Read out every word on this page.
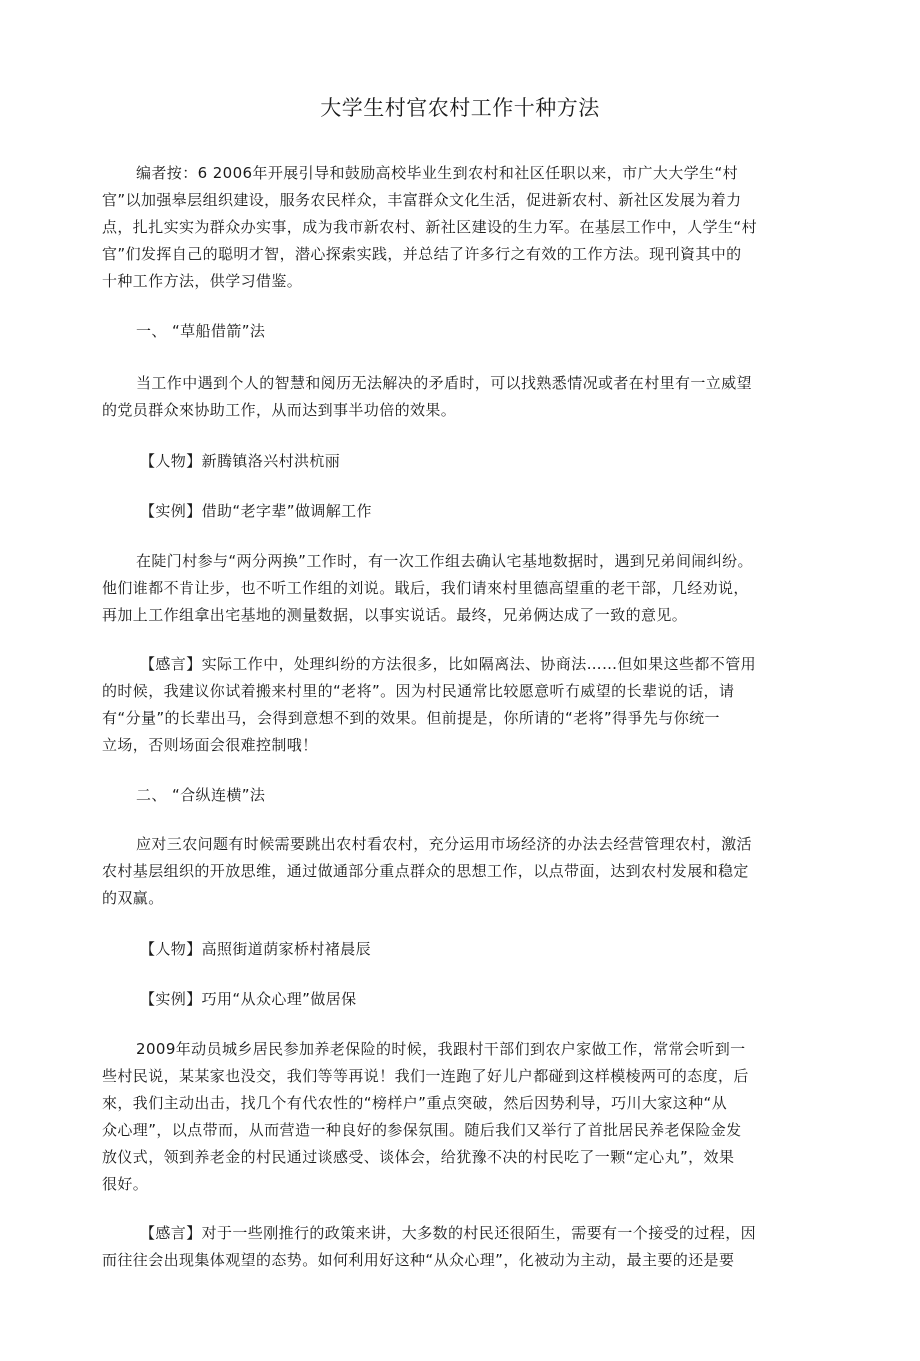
大学生村官农村工作十种方法
编者按：6 2006年开展引导和鼓励高校毕业生到农村和社区任职以来，市广大大学生“村
官”以加强皋层组织建设，服务农民样众，丰富群众文化生活，促进新农村、新社区发展为着力
点，扎扎实实为群众办实事，成为我市新农村、新社区建设的生力军。在基层工作中，人学生“村
官”们发挥自己的聪明才智，潜心探索实践，并总结了许多行之有效的工作方法。现刊資其中的
十种工作方法，供学习借鉴。
一、 “草船借箭”法
当工作中遇到个人的智慧和阅历无法解决的矛盾时，可以找熟悉情况或者在村里有一立威望
的党员群众來协助工作，从而达到事半功倍的效果。
【人物】新腾镇洛兴村洪杭丽
【实例】借助“老字辈”做调解工作
在陡门村参与“两分两换”工作时，有一次工作组去确认宅基地数据时，遇到兄弟间闹纠纷。
他们谁都不肯让步，也不听工作组的刘说。戢后，我们请來村里德高望重的老干部，几经劝说，
再加上工作组拿出宅基地的测量数据，以事实说话。最终，兄弟俩达成了一致的意见。
【感言】实际工作中，处理纠纷的方法很多，比如隔离法、协商法……但如果这些都不管用
的时候，我建议你试着搬来村里的“老将”。因为村民通常比较愿意听冇威望的长辈说的话，请
有“分量”的长辈出马，会得到意想不到的效果。但前提是，你所请的“老将”得爭先与你统一
立场，否则场面会很难控制哦！
二、 “合纵连横”法
应对三农问题有时候需要跳出农村看农村，充分运用市场经济的办法去经营管理农村，激活
农村基层组织的开放思维，通过做通部分重点群众的思想工作，以点带面，达到农村发展和稳定
的双赢。
【人物】高照街道荫家桥村褚晨辰
【实例】巧用“从众心理”做居保
2009年动员城乡居民参加养老保险的时候，我跟村干部们到农户家做工作，常常会听到一
些村民说，某某家也没交，我们等等再说！我们一连跑了好儿户都碰到这样模棱两可的态度，后
來，我们主动出击，找几个有代农性的“榜样户”重点突破，然后因势利导，巧川大家这种“从
众心理”，以点带而，从而营造一种良好的参保氛围。随后我们又举行了首批居民养老保险金发
放仪式，领到养老金的村民通过谈感受、谈体会，给犹豫不决的村民吃了一颗“定心丸”，效果
很好。
【感言】对于一些刚推行的政策来讲，大多数的村民还很陌生，需要有一个接受的过程，因
而往往会出现集体观望的态势。如何利用好这种“从众心理”，化被动为主动，最主要的还是要
